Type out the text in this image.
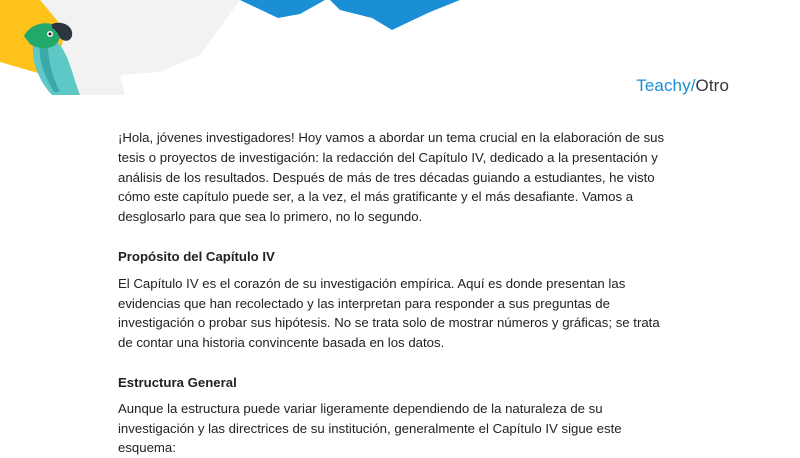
Teachy/Otro

¡Hola, jóvenes investigadores! Hoy vamos a abordar un tema crucial en la elaboración de sus tesis o proyectos de investigación: la redacción del Capítulo IV, dedicado a la presentación y análisis de los resultados. Después de más de tres décadas guiando a estudiantes, he visto cómo este capítulo puede ser, a la vez, el más gratificante y el más desafiante. Vamos a desglosarlo para que sea lo primero, no lo segundo.

Propósito del Capítulo IV

El Capítulo IV es el corazón de su investigación empírica. Aquí es donde presentan las evidencias que han recolectado y las interpretan para responder a sus preguntas de investigación o probar sus hipótesis. No se trata solo de mostrar números y gráficas; se trata de contar una historia convincente basada en los datos.

Estructura General

Aunque la estructura puede variar ligeramente dependiendo de la naturaleza de su investigación y las directrices de su institución, generalmente el Capítulo IV sigue este esquema:
